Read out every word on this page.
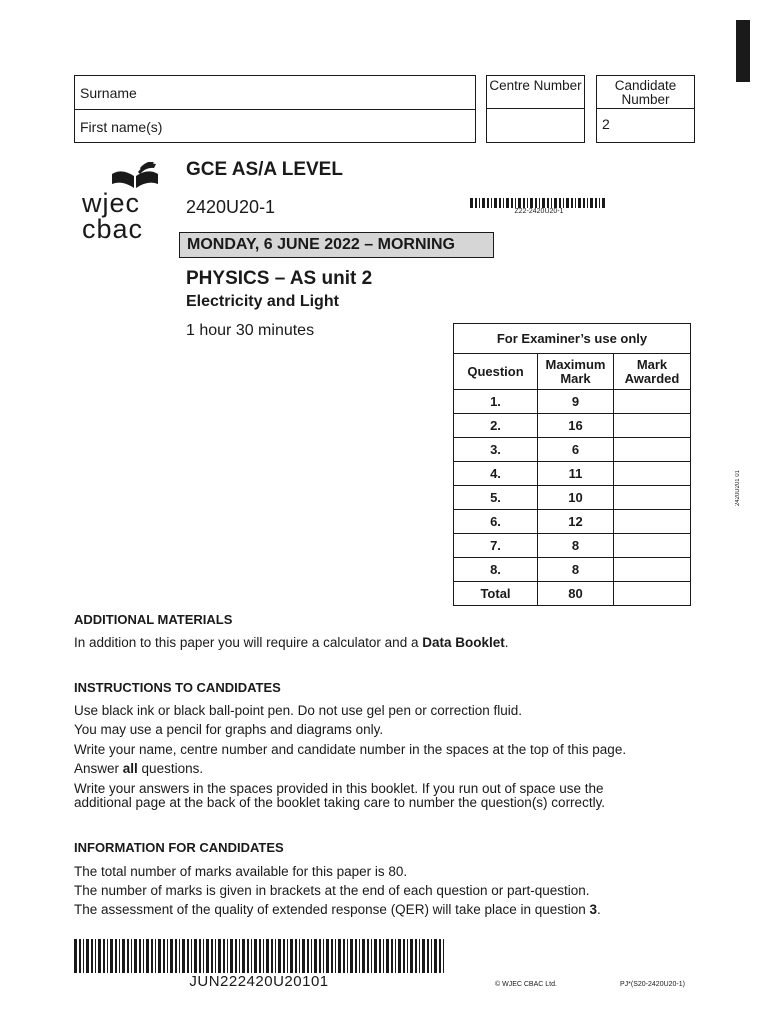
Surname
First name(s)
Centre Number	Candidate Number
2
wjec
cbac
GCE AS/A LEVEL
2420U20-1
MONDAY, 6 JUNE 2022 – MORNING
PHYSICS – AS unit 2
Electricity and Light
1 hour 30 minutes
Z22-2420U20-1
For Examiner’s use only		
Question	Maximum Mark	Mark Awarded
1.	9	
2.	16	
3.	6	
4.	11	
5.	10	
6.	12	
7.	8	
8.	8	
Total	80	
2420U201 01
ADDITIONAL MATERIALS
In addition to this paper you will require a calculator and a Data Booklet.
INSTRUCTIONS TO CANDIDATES
Use black ink or black ball-point pen. Do not use gel pen or correction fluid.
You may use a pencil for graphs and diagrams only.
Write your name, centre number and candidate number in the spaces at the top of this page.
Answer all questions.
Write your answers in the spaces provided in this booklet. If you run out of space use the additional page at the back of the booklet taking care to number the question(s) correctly.
INFORMATION FOR CANDIDATES
The total number of marks available for this paper is 80.
The number of marks is given in brackets at the end of each question or part-question.
The assessment of the quality of extended response (QER) will take place in question 3.
JUN222420U20101	© WJEC CBAC Ltd.	PJ*(S20-2420U20-1)
